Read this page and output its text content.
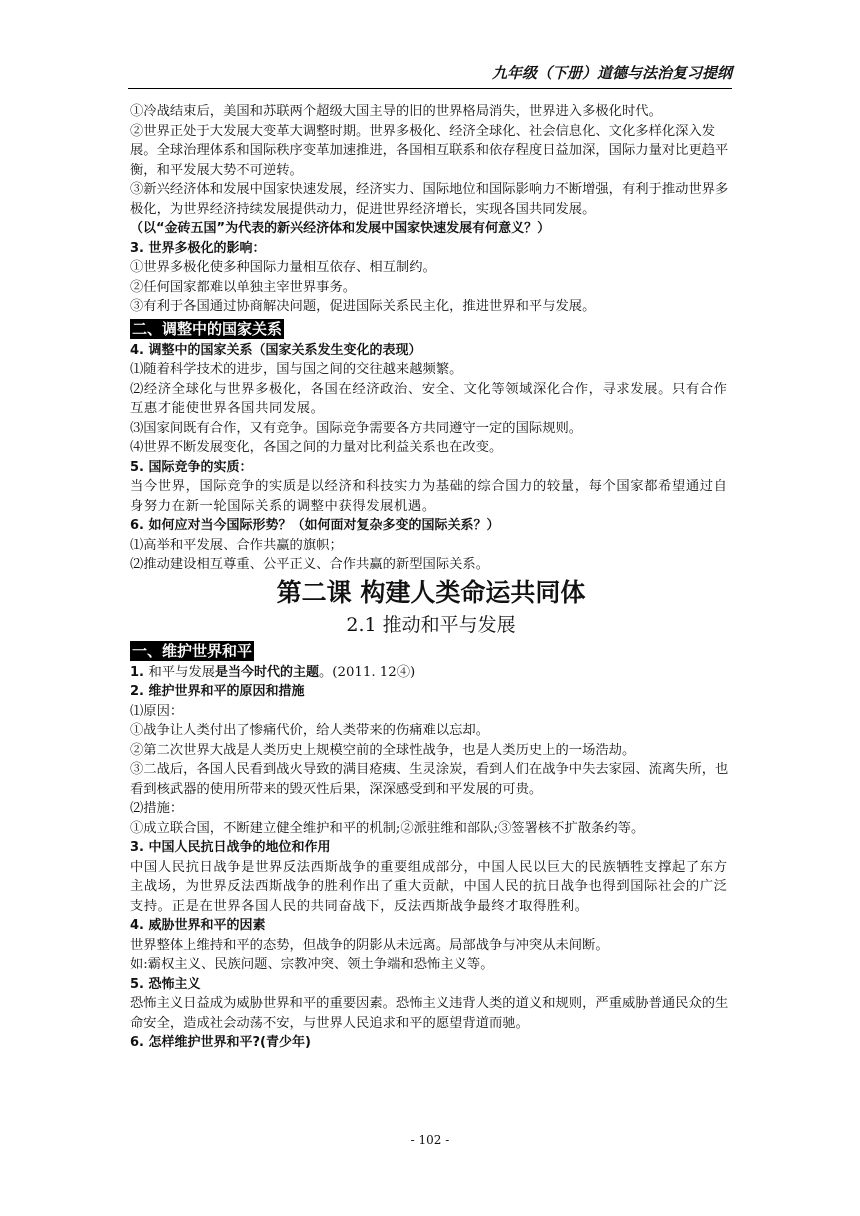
九年级（下册）道德与法治复习提纲

①冷战结束后，美国和苏联两个超级大国主导的旧的世界格局消失，世界进入多极化时代。

②世界正处于大发展大变革大调整时期。世界多极化、经济全球化、社会信息化、文化多样化深入发展。全球治理体系和国际秩序变革加速推进，各国相互联系和依存程度日益加深，国际力量对比更趋平衡，和平发展大势不可逆转。

③新兴经济体和发展中国家快速发展，经济实力、国际地位和国际影响力不断增强，有利于推动世界多极化，为世界经济持续发展提供动力，促进世界经济增长，实现各国共同发展。

（以“金砖五国”为代表的新兴经济体和发展中国家快速发展有何意义？）

3. 世界多极化的影响：

①世界多极化使多种国际力量相互依存、相互制约。

②任何国家都难以单独主宰世界事务。

③有利于各国通过协商解决问题，促进国际关系民主化，推进世界和平与发展。

二、调整中的国家关系

4. 调整中的国家关系（国家关系发生变化的表现）

⑴随着科学技术的进步，国与国之间的交往越来越频繁。

⑵经济全球化与世界多极化，各国在经济政治、安全、文化等领域深化合作，寻求发展。只有合作互惠才能使世界各国共同发展。

⑶国家间既有合作，又有竞争。国际竞争需要各方共同遵守一定的国际规则。

⑷世界不断发展变化，各国之间的力量对比利益关系也在改变。

5. 国际竞争的实质：

当今世界，国际竞争的实质是以经济和科技实力为基础的综合国力的较量，每个国家都希望通过自身努力在新一轮国际关系的调整中获得发展机遇。

6. 如何应对当今国际形势？（如何面对复杂多变的国际关系？）

⑴高举和平发展、合作共赢的旗帜；

⑵推动建设相互尊重、公平正义、合作共赢的新型国际关系。

第二课 构建人类命运共同体

2.1 推动和平与发展

一、维护世界和平

1. 和平与发展是当今时代的主题。(2011. 12④)

2. 维护世界和平的原因和措施

⑴原因：

①战争让人类付出了惨痛代价，给人类带来的伤痛难以忘却。

②第二次世界大战是人类历史上规模空前的全球性战争，也是人类历史上的一场浩劫。

③二战后，各国人民看到战火导致的满目疮痍、生灵涂炭，看到人们在战争中失去家园、流离失所，也看到核武器的使用所带来的毁灭性后果，深深感受到和平发展的可贵。

⑵措施：

①成立联合国，不断建立健全维护和平的机制;②派驻维和部队;③签署核不扩散条约等。

3. 中国人民抗日战争的地位和作用

中国人民抗日战争是世界反法西斯战争的重要组成部分，中国人民以巨大的民族牺牲支撑起了东方主战场，为世界反法西斯战争的胜利作出了重大贡献，中国人民的抗日战争也得到国际社会的广泛支持。正是在世界各国人民的共同奋战下，反法西斯战争最终才取得胜利。

4. 威胁世界和平的因素

世界整体上维持和平的态势，但战争的阴影从未远离。局部战争与冲突从未间断。

如:霸权主义、民族问题、宗教冲突、领土争端和恐怖主义等。

5. 恐怖主义

恐怖主义日益成为威胁世界和平的重要因素。恐怖主义违背人类的道义和规则，严重威胁普通民众的生命安全，造成社会动荡不安，与世界人民追求和平的愿望背道而驰。

6. 怎样维护世界和平?(青少年)

- 102 -
